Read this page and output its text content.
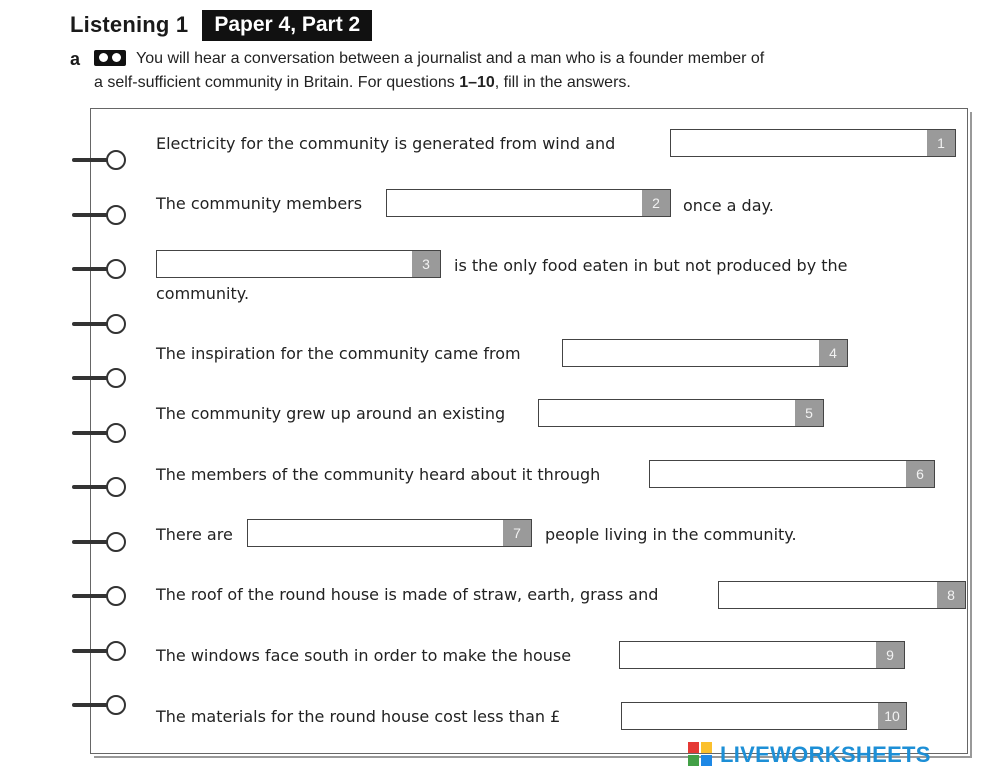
Listening 1	Paper 4, Part 2
a	You will hear a conversation between a journalist and a man who is a founder member of
a self-sufficient community in Britain. For questions 1–10, fill in the answers.
Electricity for the community is generated from wind and	1
The community members	2	once a day.
3	is the only food eaten in but not produced by the
community.
The inspiration for the community came from	4
The community grew up around an existing	5
The members of the community heard about it through	6
There are	7	people living in the community.
The roof of the round house is made of straw, earth, grass and	8
The windows face south in order to make the house	9
The materials for the round house cost less than £	10
LIVEWORKSHEETS
